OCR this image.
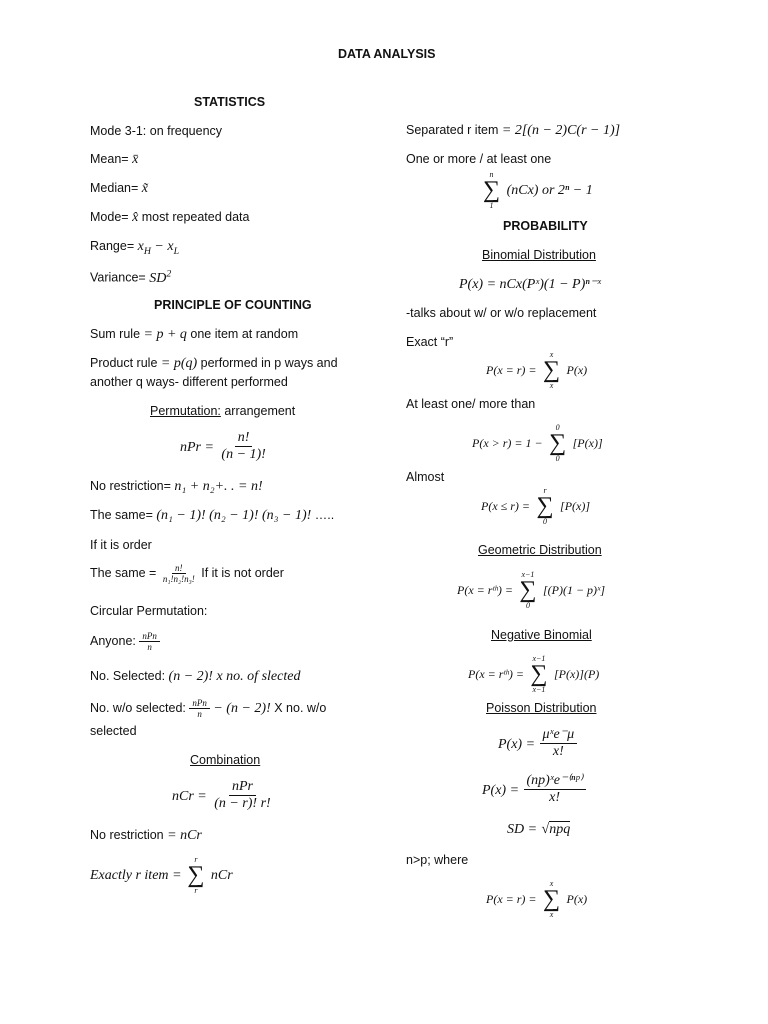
DATA ANALYSIS
STATISTICS
Mode 3-1: on frequency
Mean= x̄
Median= x̃
Mode= x̂ most repeated data
Range= $x_H - x_L$
Variance= $SD^2$
PRINCIPLE OF COUNTING
Sum rule = p + q one item at random
Product rule = p(q) performed in p ways and
another q ways- different performed
Permutation: arrangement
nPr = $\frac{n!}{(n - 1)!}$
No restriction= n₁ + n₂+. . = n!
The same= (n₁ − 1)! (n₂ − 1)! (n₃ − 1)! …..
If it is order
The same = $\frac{n!}{\text{n₁!n₂!n₃!}}$ If it is not order
Circular Permutation:
Anyone: $\frac{\text{nPn}}{n}$
No. Selected: (n − 2)! x no. of slected
No. w/o selected: $\frac{\text{nPn}}{n} - (n - 2)$! X no. w/o
selected
Combination
nCr = $\frac{\text{nPr}}{(n - r)! r!}$
No restriction = nCr
Exactly r item =
r
∑
r
nCr
Separated r item = 2[(n − 2)C(r − 1)]
One or more / at least one
n
∑
1
(nCx) or 2ⁿ − 1
PROBABILITY
Binomial Distribution
P(x) = nCx(Pˣ)(1 − P)ⁿ⁻ˣ
-talks about w/ or w/o replacement
Exact “r”
P(x = r) =
x
∑
x
P(x)
At least one/ more than
P(x > r) = 1 −
0
∑
0
[P(x)]
Almost
P(x ≤ r) =
r
∑
0
[P(x)]
Geometric Distribution
P(x = rᵗʰ) =
x−1
∑
0
[(P)(1 − p)ˣ]
Negative Binomial
P(x = rᵗʰ) =
x−1
∑
x−1
[P(x)](P)
Poisson Distribution
$P(x) = \frac{\text{μˣe⁻μ}}{x!}$
$P(x) = \frac{\text{(np)ˣe⁻⁽ⁿᵖ⁾}}{x!}$
SD = √npq
n>p; where
P(x = r) =
x
∑
x
P(x)
